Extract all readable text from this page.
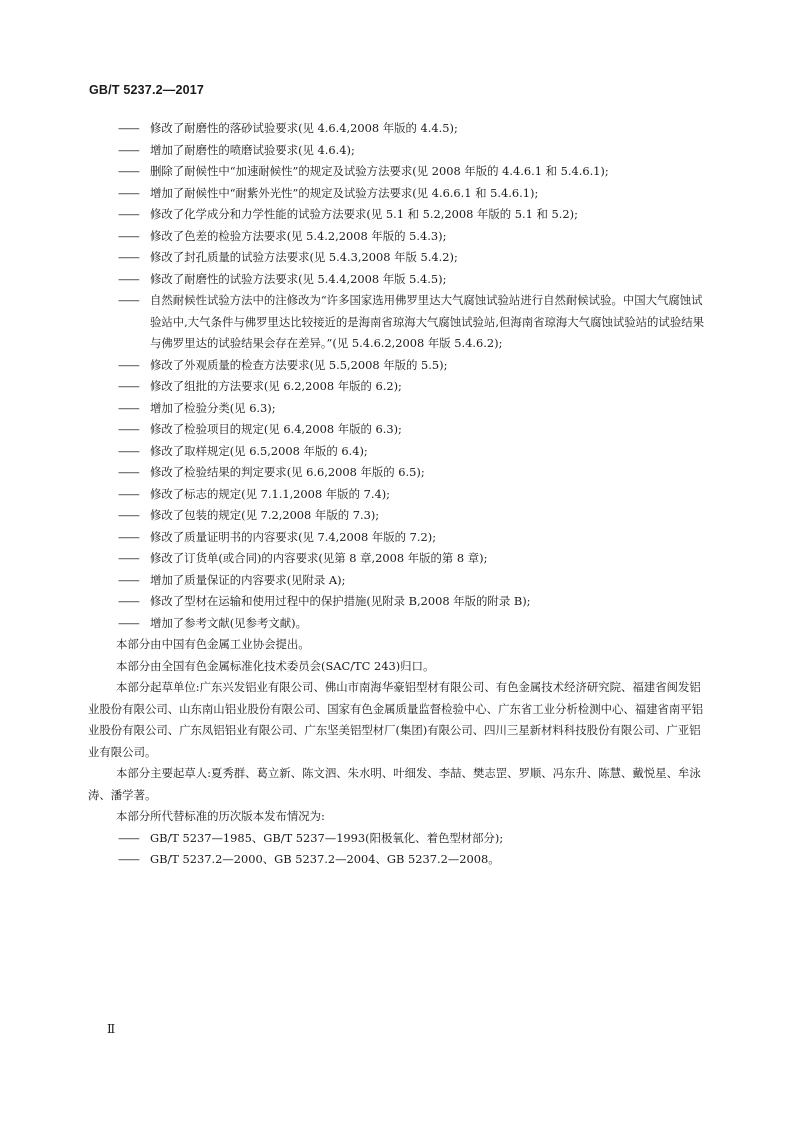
GB/T 5237.2—2017
—— 修改了耐磨性的落砂试验要求(见 4.6.4,2008 年版的 4.4.5);
—— 增加了耐磨性的喷磨试验要求(见 4.6.4);
—— 删除了耐候性中“加速耐候性”的规定及试验方法要求(见 2008 年版的 4.4.6.1 和 5.4.6.1);
—— 增加了耐候性中“耐紫外光性”的规定及试验方法要求(见 4.6.6.1 和 5.4.6.1);
—— 修改了化学成分和力学性能的试验方法要求(见 5.1 和 5.2,2008 年版的 5.1 和 5.2);
—— 修改了色差的检验方法要求(见 5.4.2,2008 年版的 5.4.3);
—— 修改了封孔质量的试验方法要求(见 5.4.3,2008 年版 5.4.2);
—— 修改了耐磨性的试验方法要求(见 5.4.4,2008 年版 5.4.5);
—— 自然耐候性试验方法中的注修改为“许多国家选用佛罗里达大气腐蚀试验站进行自然耐候试验。中国大气腐蚀试验站中,大气条件与佛罗里达比较接近的是海南省琼海大气腐蚀试验站,但海南省琼海大气腐蚀试验站的试验结果与佛罗里达的试验结果会存在差异。”(见 5.4.6.2,2008 年版 5.4.6.2);
—— 修改了外观质量的检查方法要求(见 5.5,2008 年版的 5.5);
—— 修改了组批的方法要求(见 6.2,2008 年版的 6.2);
—— 增加了检验分类(见 6.3);
—— 修改了检验项目的规定(见 6.4,2008 年版的 6.3);
—— 修改了取样规定(见 6.5,2008 年版的 6.4);
—— 修改了检验结果的判定要求(见 6.6,2008 年版的 6.5);
—— 修改了标志的规定(见 7.1.1,2008 年版的 7.4);
—— 修改了包装的规定(见 7.2,2008 年版的 7.3);
—— 修改了质量证明书的内容要求(见 7.4,2008 年版的 7.2);
—— 修改了订货单(或合同)的内容要求(见第 8 章,2008 年版的第 8 章);
—— 增加了质量保证的内容要求(见附录 A);
—— 修改了型材在运输和使用过程中的保护措施(见附录 B,2008 年版的附录 B);
—— 增加了参考文献(见参考文献)。

本部分由中国有色金属工业协会提出。

本部分由全国有色金属标准化技术委员会(SAC/TC 243)归口。

本部分起草单位:广东兴发铝业有限公司、佛山市南海华豪铝型材有限公司、有色金属技术经济研究院、福建省闽发铝业股份有限公司、山东南山铝业股份有限公司、国家有色金属质量监督检验中心、广东省工业分析检测中心、福建省南平铝业股份有限公司、广东凤铝铝业有限公司、广东坚美铝型材厂(集团)有限公司、四川三星新材料科技股份有限公司、广亚铝业有限公司。

本部分主要起草人:夏秀群、葛立新、陈文泗、朱水明、叶细发、李喆、樊志罡、罗顺、冯东升、陈慧、戴悦星、牟泳涛、潘学著。

本部分所代替标准的历次版本发布情况为:

—— GB/T 5237—1985、GB/T 5237—1993(阳极氧化、着色型材部分);
—— GB/T 5237.2—2000、GB 5237.2—2004、GB 5237.2—2008。
Ⅱ
